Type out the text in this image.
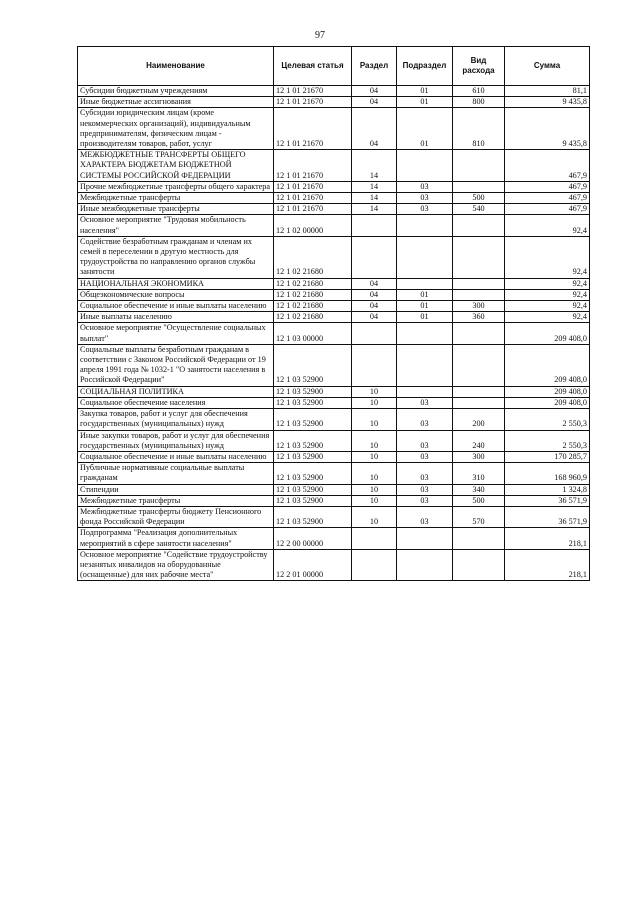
97
Наименование	Целевая статья	Раздел	Подраздел	Вид расхода	Сумма
Субсидии бюджетным учреждениям	12 1 01 21670	04	01	610	81,1
Иные бюджетные ассигнования	12 1 01 21670	04	01	800	9 435,8
Субсидии юридическим лицам (кроме некоммерческих организаций), индивидуальным предпринимателям, физическим лицам - производителям товаров, работ, услуг	12 1 01 21670	04	01	810	9 435,8
МЕЖБЮДЖЕТНЫЕ ТРАНСФЕРТЫ ОБЩЕГО ХАРАКТЕРА БЮДЖЕТАМ БЮДЖЕТНОЙ СИСТЕМЫ РОССИЙСКОЙ ФЕДЕРАЦИИ	12 1 01 21670	14			467,9
Прочие межбюджетные трансферты общего характера	12 1 01 21670	14	03		467,9
Межбюджетные трансферты	12 1 01 21670	14	03	500	467,9
Иные межбюджетные трансферты	12 1 01 21670	14	03	540	467,9
Основное мероприятие "Трудовая мобильность населения"	12 1 02 00000				92,4
Содействие безработным гражданам и членам их семей в переселении в другую местность для трудоустройства по направлению органов службы занятости	12 1 02 21680				92,4
НАЦИОНАЛЬНАЯ ЭКОНОМИКА	12 1 02 21680	04			92,4
Общеэкономические вопросы	12 1 02 21680	04	01		92,4
Социальное обеспечение и иные выплаты населению	12 1 02 21680	04	01	300	92,4
Иные выплаты населению	12 1 02 21680	04	01	360	92,4
Основное мероприятие "Осуществление социальных выплат"	12 1 03 00000				209 408,0
Социальные выплаты безработным гражданам в соответствии с Законом Российской Федерации от 19 апреля 1991 года № 1032-1 "О занятости населения в Российской Федерации"	12 1 03 52900				209 408,0
СОЦИАЛЬНАЯ ПОЛИТИКА	12 1 03 52900	10			209 408,0
Социальное обеспечение населения	12 1 03 52900	10	03		209 408,0
Закупка товаров, работ и услуг для обеспечения государственных (муниципальных) нужд	12 1 03 52900	10	03	200	2 550,3
Иные закупки товаров, работ и услуг для обеспечения государственных (муниципальных) нужд	12 1 03 52900	10	03	240	2 550,3
Социальное обеспечение и иные выплаты населению	12 1 03 52900	10	03	300	170 285,7
Публичные нормативные социальные выплаты гражданам	12 1 03 52900	10	03	310	168 960,9
Стипендии	12 1 03 52900	10	03	340	1 324,8
Межбюджетные трансферты	12 1 03 52900	10	03	500	36 571,9
Межбюджетные трансферты бюджету Пенсионного фонда Российской Федерации	12 1 03 52900	10	03	570	36 571,9
Подпрограмма "Реализация дополнительных мероприятий в сфере занятости населения"	12 2 00 00000				218,1
Основное мероприятие "Содействие трудоустройству незанятых инвалидов на оборудованные (оснащенные) для них рабочие места"	12 2 01 00000				218,1
